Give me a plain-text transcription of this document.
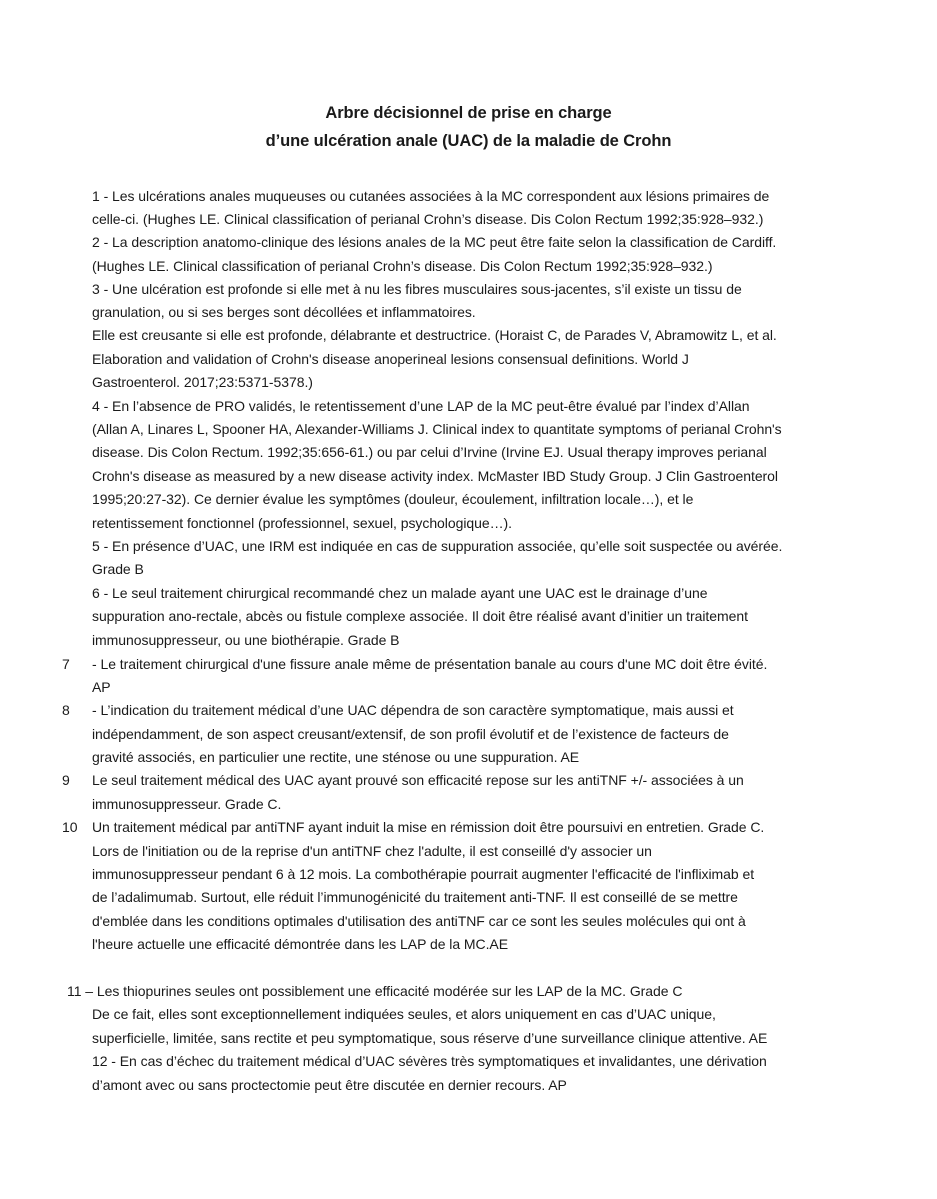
Arbre décisionnel de prise en charge
d’une ulcération anale (UAC) de la maladie de Crohn
7
8
9
10
1 - Les ulcérations anales muqueuses ou cutanées associées à la MC correspondent aux lésions primaires de
celle-ci. (Hughes LE. Clinical classification of perianal Crohn’s disease. Dis Colon Rectum 1992;35:928–932.)
2 - La description anatomo-clinique des lésions anales de la MC peut être faite selon la classification de Cardiff.
(Hughes LE. Clinical classification of perianal Crohn’s disease. Dis Colon Rectum 1992;35:928–932.)
3 - Une ulcération est profonde si elle met à nu les fibres musculaires sous-jacentes, s’il existe un tissu de
granulation, ou si ses berges sont décollées et inflammatoires.
Elle est creusante si elle est profonde, délabrante et destructrice. (Horaist C, de Parades V, Abramowitz L, et al.
Elaboration and validation of Crohn's disease anoperineal lesions consensual definitions. World J
Gastroenterol. 2017;23:5371-5378.)
4 - En l’absence de PRO validés, le retentissement d’une LAP de la MC peut-être évalué par l’index d’Allan
(Allan A, Linares L, Spooner HA, Alexander-Williams J. Clinical index to quantitate symptoms of perianal Crohn's
disease. Dis Colon Rectum. 1992;35:656-61.) ou par celui d’Irvine (Irvine EJ. Usual therapy improves perianal
Crohn's disease as measured by a new disease activity index. McMaster IBD Study Group. J Clin Gastroenterol
1995;20:27-32). Ce dernier évalue les symptômes (douleur, écoulement, infiltration locale…), et le
retentissement fonctionnel (professionnel, sexuel, psychologique…).
5 - En présence d’UAC, une IRM est indiquée en cas de suppuration associée, qu’elle soit suspectée ou avérée.
Grade B
6 - Le seul traitement chirurgical recommandé chez un malade ayant une UAC est le drainage d’une
suppuration ano-rectale, abcès ou fistule complexe associée. Il doit être réalisé avant d’initier un traitement
immunosuppresseur, ou une biothérapie. Grade B
- Le traitement chirurgical d'une fissure anale même de présentation banale au cours d'une MC doit être évité.
AP
- L’indication du traitement médical d’une UAC dépendra de son caractère symptomatique, mais aussi et
indépendamment, de son aspect creusant/extensif, de son profil évolutif et de l’existence de facteurs de
gravité associés, en particulier une rectite, une sténose ou une suppuration. AE
Le seul traitement médical des UAC ayant prouvé son efficacité repose sur les antiTNF +/- associées à un
immunosuppresseur. Grade C.
Un traitement médical par antiTNF ayant induit la mise en rémission doit être poursuivi en entretien. Grade C.
Lors de l'initiation ou de la reprise d'un antiTNF chez l'adulte, il est conseillé d'y associer un
immunosuppresseur pendant 6 à 12 mois. La combothérapie pourrait augmenter l'efficacité de l'infliximab et
de l’adalimumab. Surtout, elle réduit l’immunogénicité du traitement anti-TNF. Il est conseillé de se mettre
d'emblée dans les conditions optimales d'utilisation des antiTNF car ce sont les seules molécules qui ont à
l'heure actuelle une efficacité démontrée dans les LAP de la MC.AE
11 – Les thiopurines seules ont possiblement une efficacité modérée sur les LAP de la MC. Grade C
De ce fait, elles sont exceptionnellement indiquées seules, et alors uniquement en cas d’UAC unique,
superficielle, limitée, sans rectite et peu symptomatique, sous réserve d’une surveillance clinique attentive. AE
12 - En cas d’échec du traitement médical d’UAC sévères très symptomatiques et invalidantes, une dérivation
d’amont avec ou sans proctectomie peut être discutée en dernier recours. AP
